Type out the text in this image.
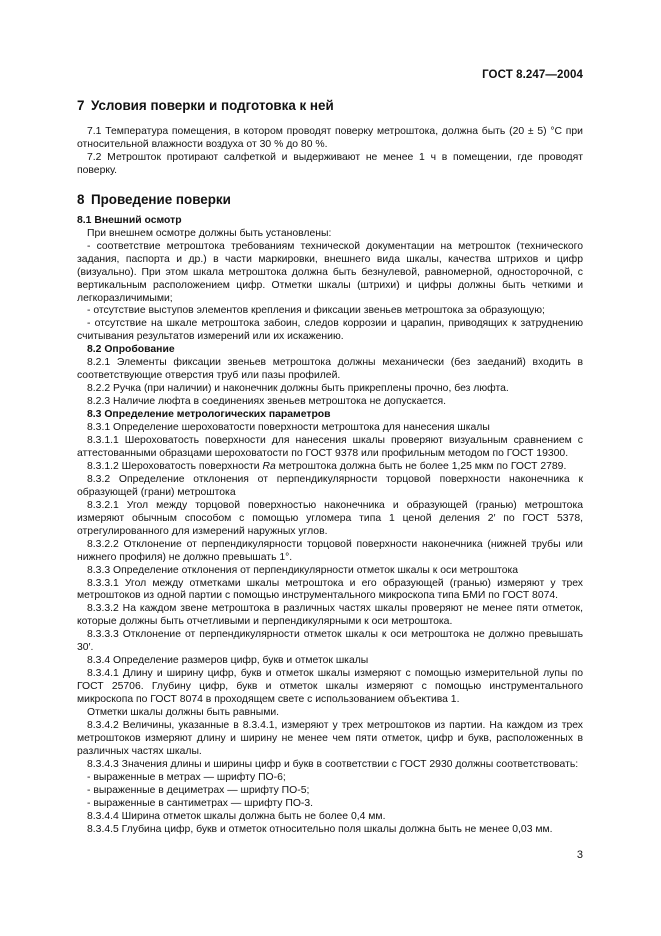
ГОСТ 8.247—2004
7 Условия поверки и подготовка к ней

7.1 Температура помещения, в котором проводят поверку метроштока, должна быть (20 ± 5) °С при относительной влажности воздуха от 30 % до 80 %.

7.2 Метрошток протирают салфеткой и выдерживают не менее 1 ч в помещении, где проводят поверку.

8 Проведение поверки

8.1 Внешний осмотр

При внешнем осмотре должны быть установлены:

- соответствие метроштока требованиям технической документации на метрошток (технического задания, паспорта и др.) в части маркировки, внешнего вида шкалы, качества штрихов и цифр (визуально). При этом шкала метроштока должна быть безнулевой, равномерной, односторочной, с вертикальным расположением цифр. Отметки шкалы (штрихи) и цифры должны быть четкими и легкоразличимыми;

- отсутствие выступов элементов крепления и фиксации звеньев метроштока за образующую;

- отсутствие на шкале метроштока забоин, следов коррозии и царапин, приводящих к затруднению считывания результатов измерений или их искажению.

8.2 Опробование

8.2.1 Элементы фиксации звеньев метроштока должны механически (без заеданий) входить в соответствующие отверстия труб или пазы профилей.

8.2.2 Ручка (при наличии) и наконечник должны быть прикреплены прочно, без люфта.

8.2.3 Наличие люфта в соединениях звеньев метроштока не допускается.

8.3 Определение метрологических параметров

8.3.1 Определение шероховатости поверхности метроштока для нанесения шкалы

8.3.1.1 Шероховатость поверхности для нанесения шкалы проверяют визуальным сравнением с аттестованными образцами шероховатости по ГОСТ 9378 или профильным методом по ГОСТ 19300.

8.3.1.2 Шероховатость поверхности Ra метроштока должна быть не более 1,25 мкм по ГОСТ 2789.

8.3.2 Определение отклонения от перпендикулярности торцовой поверхности наконечника к образующей (грани) метроштока

8.3.2.1 Угол между торцовой поверхностью наконечника и образующей (гранью) метроштока измеряют обычным способом с помощью угломера типа 1 ценой деления 2′ по ГОСТ 5378, отрегулированного для измерений наружных углов.

8.3.2.2 Отклонение от перпендикулярности торцовой поверхности наконечника (нижней трубы или нижнего профиля) не должно превышать 1°.

8.3.3 Определение отклонения от перпендикулярности отметок шкалы к оси метроштока

8.3.3.1 Угол между отметками шкалы метроштока и его образующей (гранью) измеряют у трех метроштоков из одной партии с помощью инструментального микроскопа типа БМИ по ГОСТ 8074.

8.3.3.2 На каждом звене метроштока в различных частях шкалы проверяют не менее пяти отметок, которые должны быть отчетливыми и перпендикулярными к оси метроштока.

8.3.3.3 Отклонение от перпендикулярности отметок шкалы к оси метроштока не должно превышать 30′.

8.3.4 Определение размеров цифр, букв и отметок шкалы

8.3.4.1 Длину и ширину цифр, букв и отметок шкалы измеряют с помощью измерительной лупы по ГОСТ 25706. Глубину цифр, букв и отметок шкалы измеряют с помощью инструментального микроскопа по ГОСТ 8074 в проходящем свете с использованием объектива 1.

Отметки шкалы должны быть равными.

8.3.4.2 Величины, указанные в 8.3.4.1, измеряют у трех метроштоков из партии. На каждом из трех метроштоков измеряют длину и ширину не менее чем пяти отметок, цифр и букв, расположенных в различных частях шкалы.

8.3.4.3 Значения длины и ширины цифр и букв в соответствии с ГОСТ 2930 должны соответствовать:

- выраженные в метрах — шрифту ПО-6;

- выраженные в дециметрах — шрифту ПО-5;

- выраженные в сантиметрах — шрифту ПО-3.

8.3.4.4 Ширина отметок шкалы должна быть не более 0,4 мм.

8.3.4.5 Глубина цифр, букв и отметок относительно поля шкалы должна быть не менее 0,03 мм.

3
